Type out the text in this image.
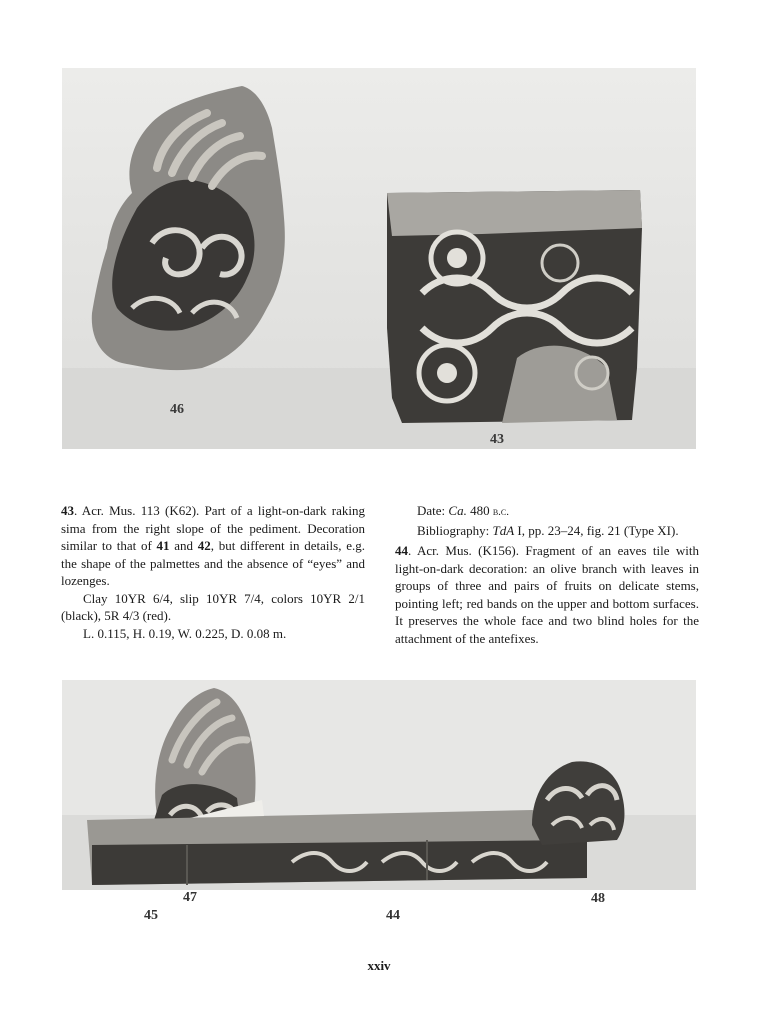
46
43

43. Acr. Mus. 113 (K62). Part of a light-on-dark raking sima from the right slope of the pediment. Decoration similar to that of 41 and 42, but different in details, e.g. the shape of the palmettes and the absence of “eyes” and lozenges.

Clay 10YR 6/4, slip 10YR 7/4, colors 10YR 2/1 (black), 5R 4/3 (red).

L. 0.115, H. 0.19, W. 0.225, D. 0.08 m.

Date: Ca. 480 b.c.

Bibliography: TdA I, pp. 23–24, fig. 21 (Type XI).

44. Acr. Mus. (K156). Fragment of an eaves tile with light-on-dark decoration: an olive branch with leaves in groups of three and pairs of fruits on delicate stems, pointing left; red bands on the upper and bottom surfaces. It preserves the whole face and two blind holes for the attachment of the antefixes.

47
45	44
48
xxiv
